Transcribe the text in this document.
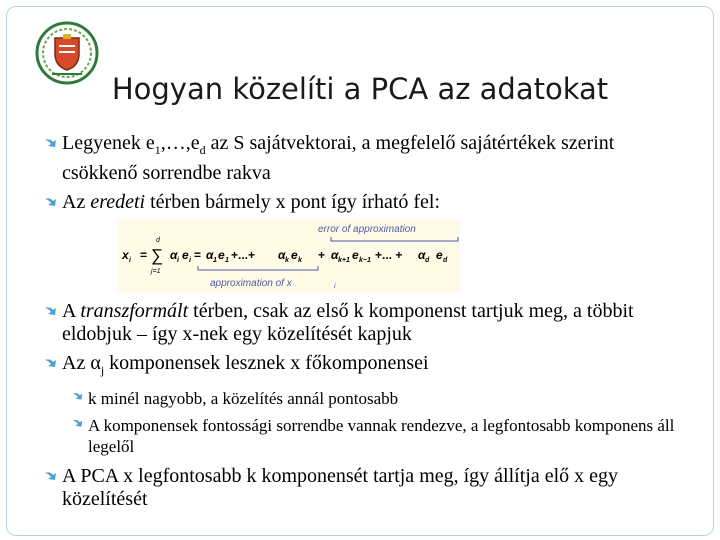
Hogyan közelíti a PCA az adatokat
Legyenek $e_1,\dots,e_d$ az S sajátvektorai, a megfelelő sajátértékek szerint csökkenő sorrendbe rakva
Az eredeti térben bármely x pont így írható fel:
error of approximation
approximation of x	i
x i =
d
∑
j=1
α i e i = α 1 e 1 +...+ α k e k + α k+1 e k−1 +... + α d e d
A transzformált térben, csak az első k komponenst tartjuk meg, a többit eldobjuk – így x-nek egy közelítését kapjuk
Az $\alpha_j$ komponensek lesznek x főkomponensei
k minél nagyobb, a közelítés annál pontosabb
A komponensek fontossági sorrendbe vannak rendezve, a legfontosabb komponens áll legelől
A PCA x legfontosabb k komponensét tartja meg, így állítja elő x egy közelítését
